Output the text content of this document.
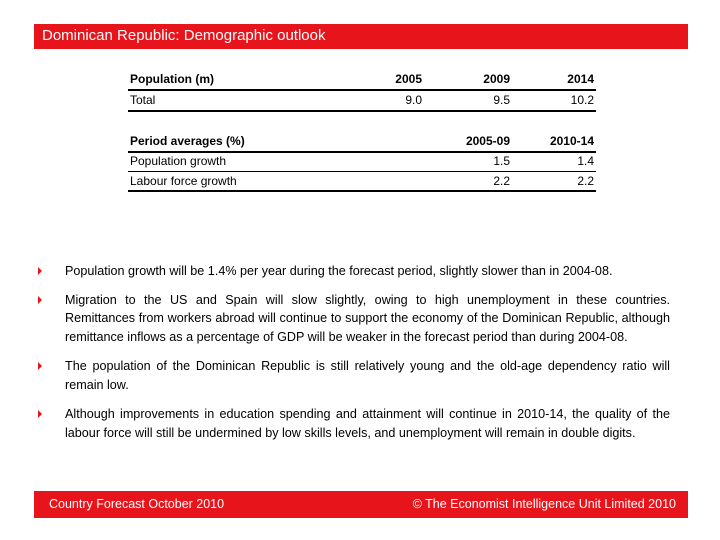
Dominican Republic: Demographic outlook
Population (m)	2005	2009	2014
Total	9.0	9.5	10.2
Period averages (%)	2005-09	2010-14
Population growth	1.5	1.4
Labour force growth	2.2	2.2

Population growth will be 1.4% per year during the forecast period, slightly slower than in 2004-08.

Migration to the US and Spain will slow slightly, owing to high unemployment in these countries. Remittances from workers abroad will continue to support the economy of the Dominican Republic, although remittance inflows as a percentage of GDP will be weaker in the forecast period than during 2004-08.

The population of the Dominican Republic is still relatively young and the old-age dependency ratio will remain low.

Although improvements in education spending and attainment will continue in 2010-14, the quality of the labour force will still be undermined by low skills levels, and unemployment will remain in double digits.

Country Forecast October 2010	© The Economist Intelligence Unit Limited 2010
